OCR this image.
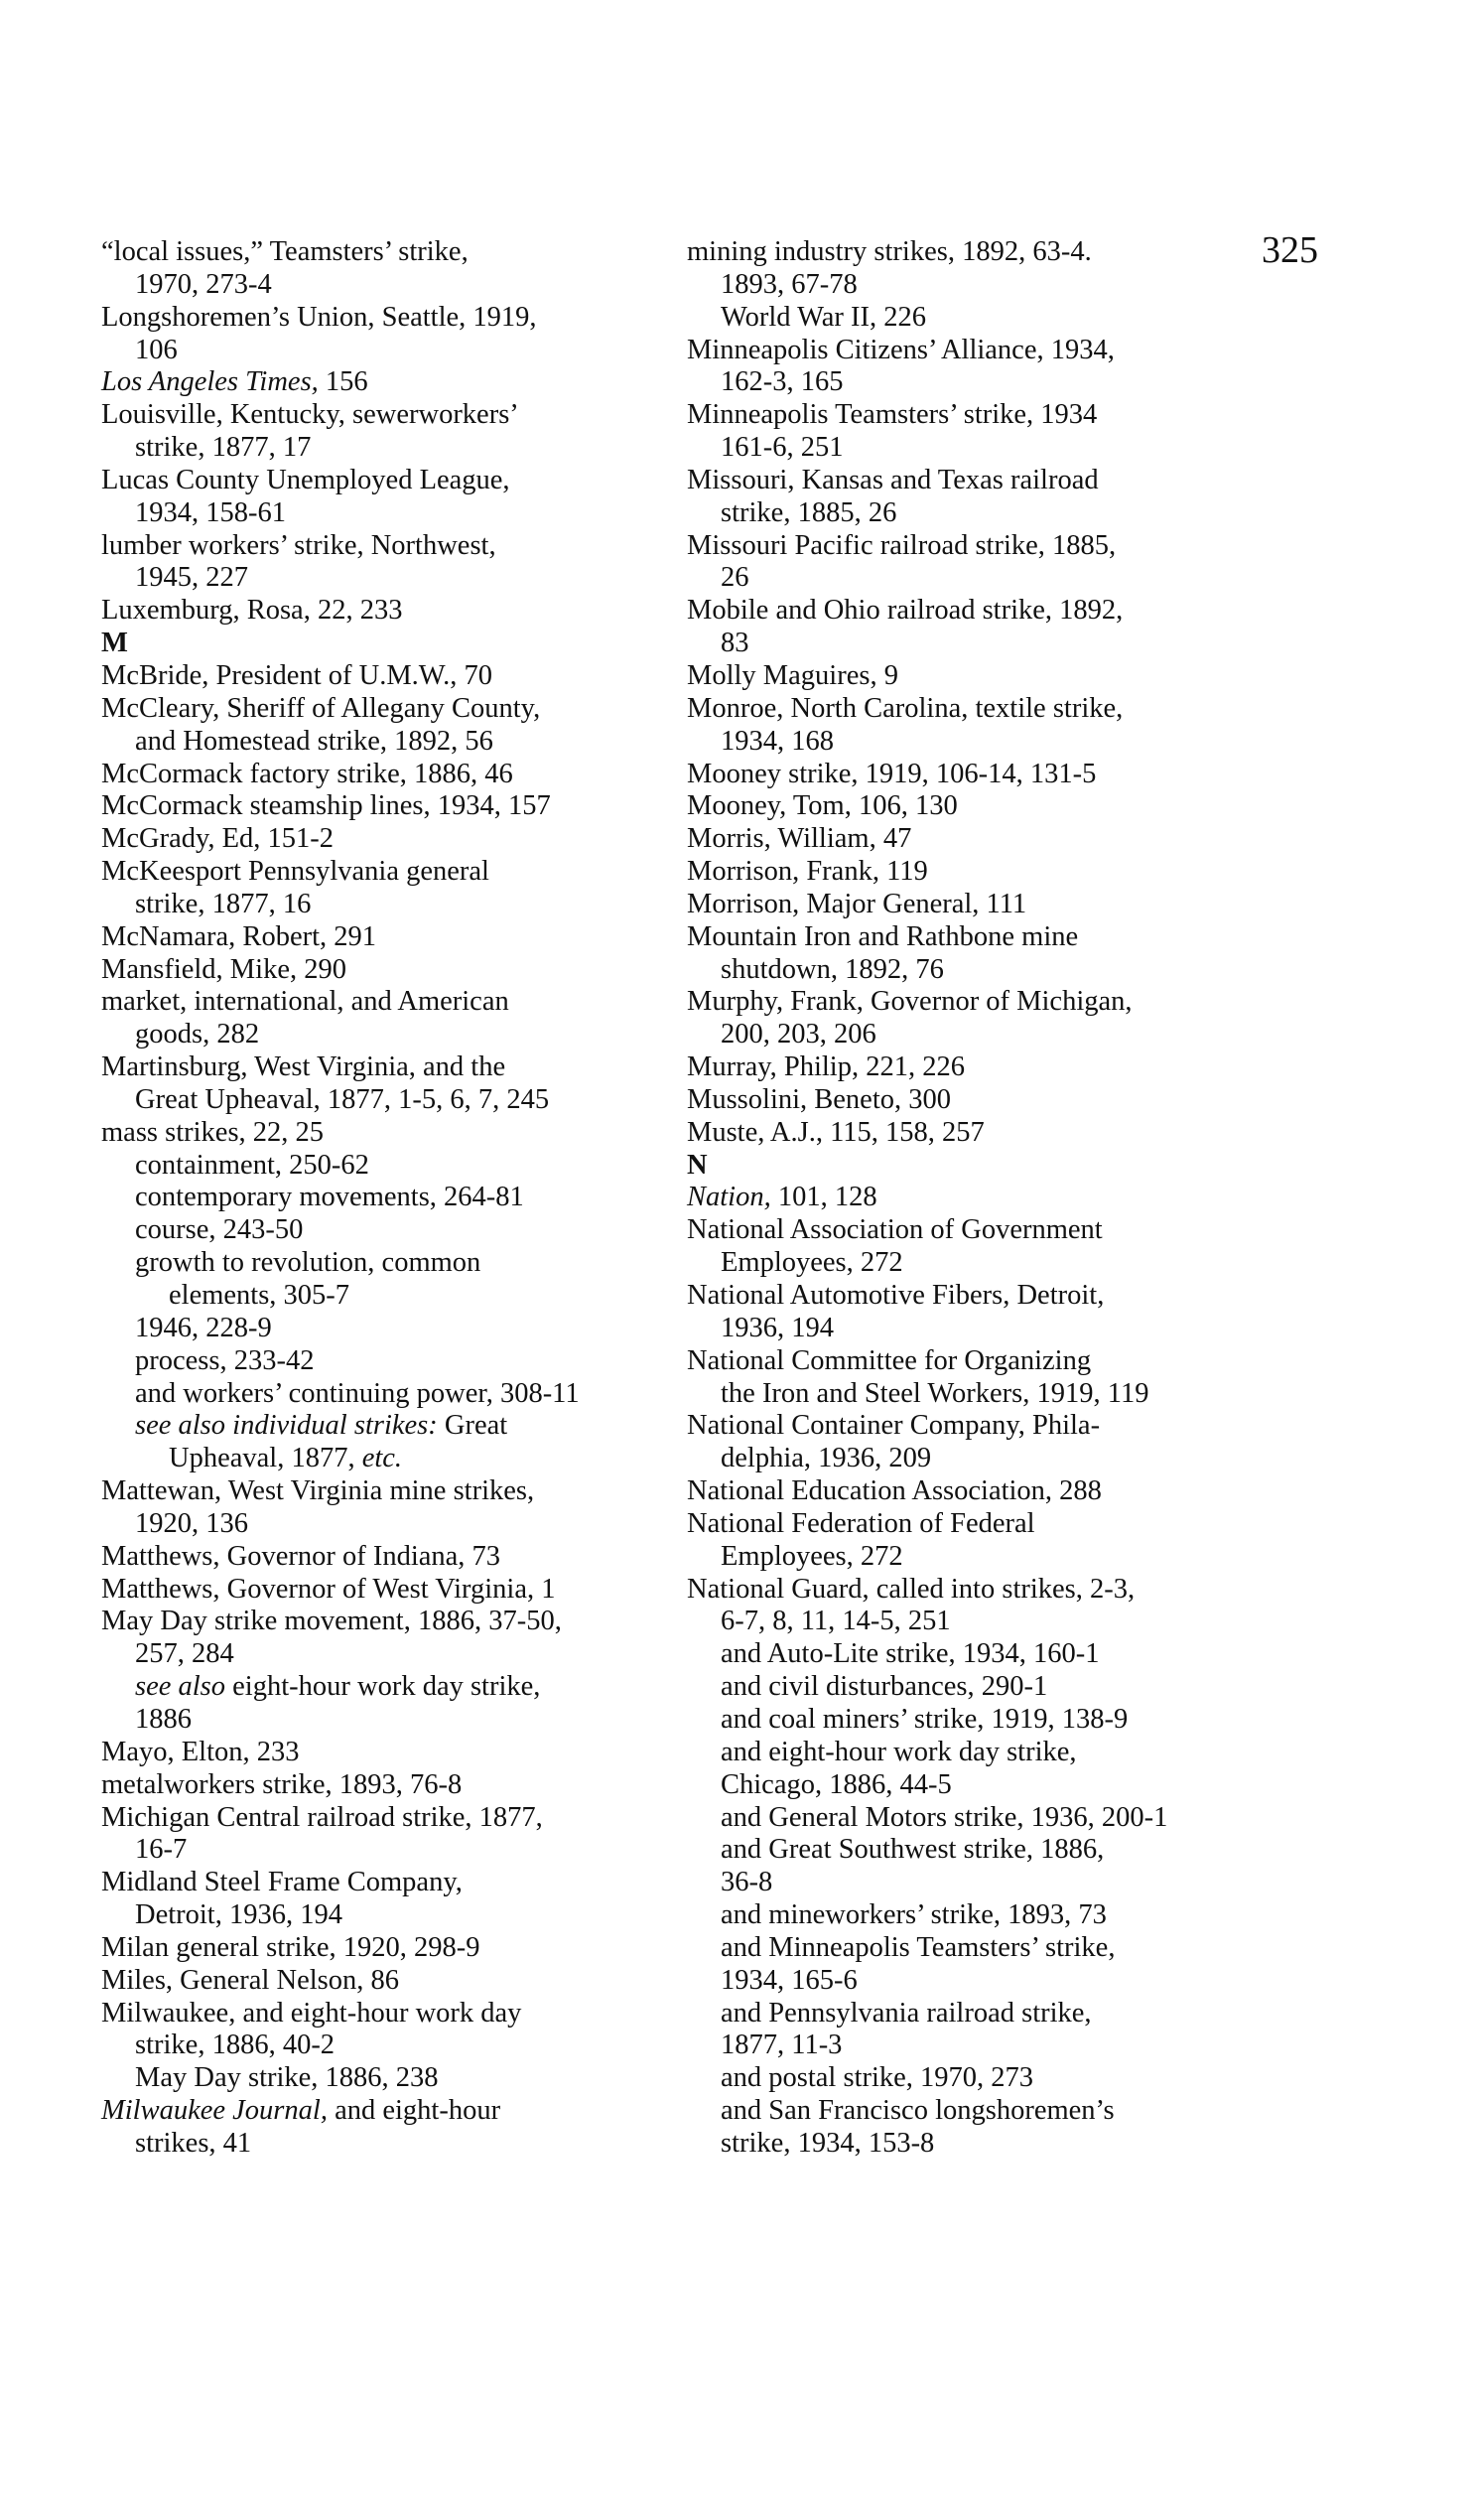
325
“local issues,” Teamsters’ strike,
1970, 273-4
Longshoremen’s Union, Seattle, 1919,
106
Los Angeles Times, 156
Louisville, Kentucky, sewerworkers’
strike, 1877, 17
Lucas County Unemployed League,
1934, 158-61
lumber workers’ strike, Northwest,
1945, 227
Luxemburg, Rosa, 22, 233
M
McBride, President of U.M.W., 70
McCleary, Sheriff of Allegany County,
and Homestead strike, 1892, 56
McCormack factory strike, 1886, 46
McCormack steamship lines, 1934, 157
McGrady, Ed, 151-2
McKeesport Pennsylvania general
strike, 1877, 16
McNamara, Robert, 291
Mansfield, Mike, 290
market, international, and American
goods, 282
Martinsburg, West Virginia, and the
Great Upheaval, 1877, 1-5, 6, 7, 245
mass strikes, 22, 25
containment, 250-62
contemporary movements, 264-81
course, 243-50
growth to revolution, common
elements, 305-7
1946, 228-9
process, 233-42
and workers’ continuing power, 308-11
see also individual strikes: Great
Upheaval, 1877, etc.
Mattewan, West Virginia mine strikes,
1920, 136
Matthews, Governor of Indiana, 73
Matthews, Governor of West Virginia, 1
May Day strike movement, 1886, 37-50,
257, 284
see also eight-hour work day strike,
1886
Mayo, Elton, 233
metalworkers strike, 1893, 76-8
Michigan Central railroad strike, 1877,
16-7
Midland Steel Frame Company,
Detroit, 1936, 194
Milan general strike, 1920, 298-9
Miles, General Nelson, 86
Milwaukee, and eight-hour work day
strike, 1886, 40-2
May Day strike, 1886, 238
Milwaukee Journal, and eight-hour
strikes, 41
mining industry strikes, 1892, 63-4.
1893, 67-78
World War II, 226
Minneapolis Citizens’ Alliance, 1934,
162-3, 165
Minneapolis Teamsters’ strike, 1934
161-6, 251
Missouri, Kansas and Texas railroad
strike, 1885, 26
Missouri Pacific railroad strike, 1885,
26
Mobile and Ohio railroad strike, 1892,
83
Molly Maguires, 9
Monroe, North Carolina, textile strike,
1934, 168
Mooney strike, 1919, 106-14, 131-5
Mooney, Tom, 106, 130
Morris, William, 47
Morrison, Frank, 119
Morrison, Major General, 111
Mountain Iron and Rathbone mine
shutdown, 1892, 76
Murphy, Frank, Governor of Michigan,
200, 203, 206
Murray, Philip, 221, 226
Mussolini, Beneto, 300
Muste, A.J., 115, 158, 257
N
Nation, 101, 128
National Association of Government
Employees, 272
National Automotive Fibers, Detroit,
1936, 194
National Committee for Organizing
the Iron and Steel Workers, 1919, 119
National Container Company, Phila-
delphia, 1936, 209
National Education Association, 288
National Federation of Federal
Employees, 272
National Guard, called into strikes, 2-3,
6-7, 8, 11, 14-5, 251
and Auto-Lite strike, 1934, 160-1
and civil disturbances, 290-1
and coal miners’ strike, 1919, 138-9
and eight-hour work day strike,
Chicago, 1886, 44-5
and General Motors strike, 1936, 200-1
and Great Southwest strike, 1886,
36-8
and mineworkers’ strike, 1893, 73
and Minneapolis Teamsters’ strike,
1934, 165-6
and Pennsylvania railroad strike,
1877, 11-3
and postal strike, 1970, 273
and San Francisco longshoremen’s
strike, 1934, 153-8
